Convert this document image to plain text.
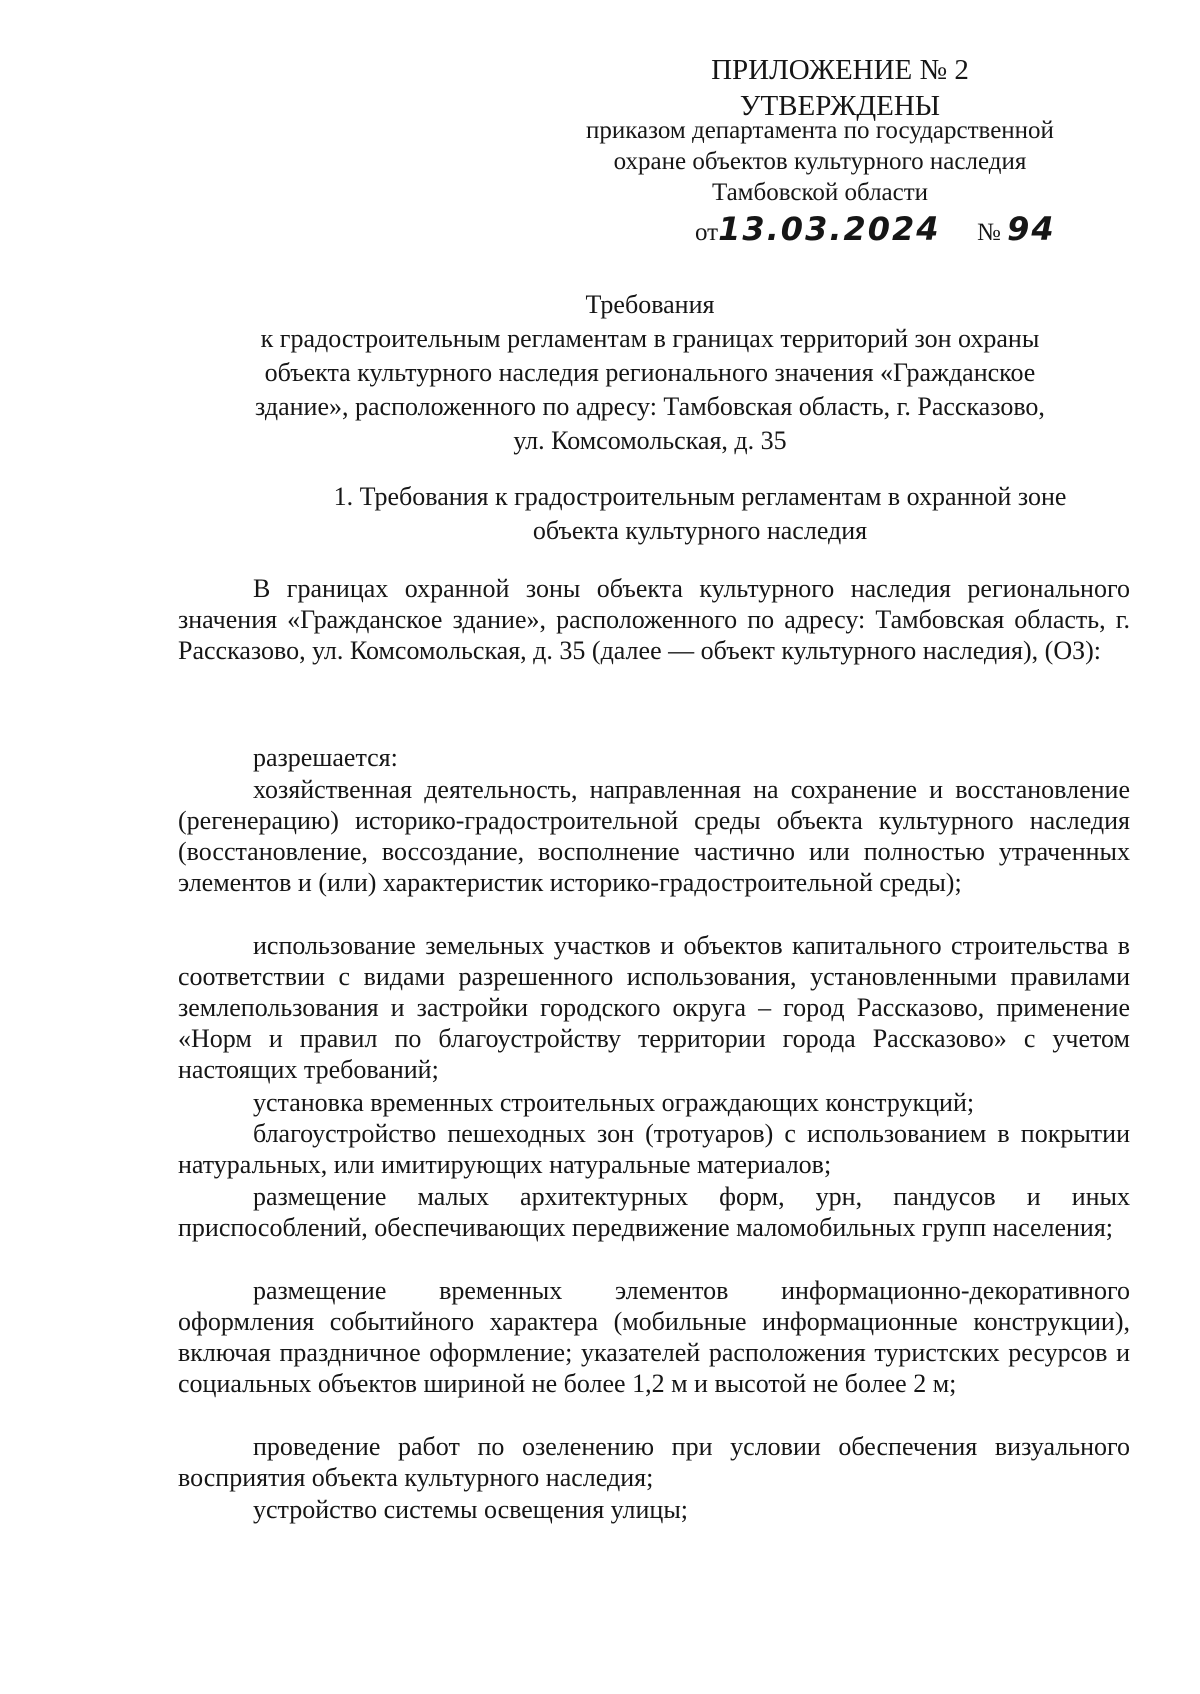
ПРИЛОЖЕНИЕ № 2
УТВЕРЖДЕНЫ
приказом департамента по государственной
охране объектов культурного наследия
Тамбовской области
от13.03.2024 № 94
Требования
к градостроительным регламентам в границах территорий зон охраны
объекта культурного наследия регионального значения «Гражданское
здание», расположенного по адресу: Тамбовская область, г. Рассказово,
ул. Комсомольская, д. 35
1. Требования к градостроительным регламентам в охранной зоне
объекта культурного наследия
В границах охранной зоны объекта культурного наследия регионального значения «Гражданское здание», расположенного по адресу: Тамбовская область, г. Рассказово, ул. Комсомольская, д. 35 (далее — объект культурного наследия), (ОЗ):
разрешается:
хозяйственная деятельность, направленная на сохранение и восстановление (регенерацию) историко-градостроительной среды объекта культурного наследия (восстановление, воссоздание, восполнение частично или полностью утраченных элементов и (или) характеристик историко-градостроительной среды);
использование земельных участков и объектов капитального строительства в соответствии с видами разрешенного использования, установленными правилами землепользования и застройки городского округа – город Рассказово, применение «Норм и правил по благоустройству территории города Рассказово» с учетом настоящих требований;
установка временных строительных ограждающих конструкций;
благоустройство пешеходных зон (тротуаров) с использованием в покрытии натуральных, или имитирующих натуральные материалов;
размещение малых архитектурных форм, урн, пандусов и иных приспособлений, обеспечивающих передвижение маломобильных групп населения;
размещение временных элементов информационно-декоративного оформления событийного характера (мобильные информационные конструкции), включая праздничное оформление; указателей расположения туристских ресурсов и социальных объектов шириной не более 1,2 м и высотой не более 2 м;
проведение работ по озеленению при условии обеспечения визуального восприятия объекта культурного наследия;
устройство системы освещения улицы;
